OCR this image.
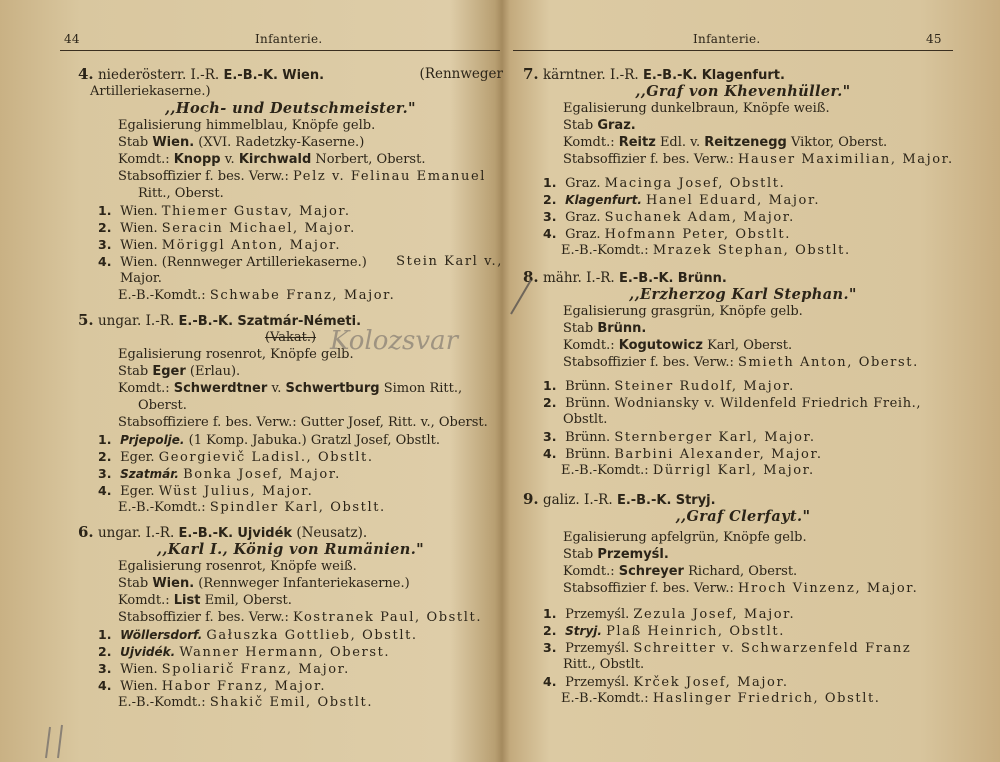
44	Infanterie.
4. niederösterr. I.-R. E.-B.-K. Wien.	(Rennweger
Artilleriekaserne.)
,,Hoch- und Deutschmeister."
Egalisierung himmelblau, Knöpfe gelb.
Stab Wien. (XVI. Radetzky-Kaserne.)
Komdt.: Knopp v. Kirchwald Norbert, Oberst.
Stabsoffizier f. bes. Verw.: Pelz v. Felinau Emanuel
Ritt., Oberst.
1. Wien. Thiemer Gustav, Major.
2. Wien. Seracin Michael, Major.
3. Wien. Möriggl Anton, Major.
4. Wien. (Rennweger Artilleriekaserne.) Stein Karl v.,
Major.
E.-B.-Komdt.: Schwabe Franz, Major.
5. ungar. I.-R. E.-B.-K. Szatmár-Németi.
(Vakat.)
Egalisierung rosenrot, Knöpfe gelb.
Stab Eger (Erlau).
Komdt.: Schwerdtner v. Schwertburg Simon Ritt.,
Oberst.
Stabsoffiziere f. bes. Verw.: Gutter Josef, Ritt. v., Oberst.
1. Prjepolje. (1 Komp. Jabuka.) Gratzl Josef, Obstlt.
2. Eger. Georgievič Ladisl., Obstlt.
3. Szatmár. Bonka Josef, Major.
4. Eger. Wüst Julius, Major.
E.-B.-Komdt.: Spindler Karl, Obstlt.
6. ungar. I.-R. E.-B.-K. Ujvidék (Neusatz).
,,Karl I., König von Rumänien."
Egalisierung rosenrot, Knöpfe weiß.
Stab Wien. (Rennweger Infanteriekaserne.)
Komdt.: List Emil, Oberst.
Stabsoffizier f. bes. Verw.: Kostranek Paul, Obstlt.
1. Wöllersdorf. Gałuszka Gottlieb, Obstlt.
2. Ujvidék. Wanner Hermann, Oberst.
3. Wien. Spoliarič Franz, Major.
4. Wien. Habor Franz, Major.
E.-B.-Komdt.: Shakič Emil, Obstlt.
Kolozsvar
Infanterie.	45
7. kärntner. I.-R. E.-B.-K. Klagenfurt.
,,Graf von Khevenhüller."
Egalisierung dunkelbraun, Knöpfe weiß.
Stab Graz.
Komdt.: Reitz Edl. v. Reitzenegg Viktor, Oberst.
Stabsoffizier f. bes. Verw.: Hauser Maximilian, Major.
1. Graz. Macinga Josef, Obstlt.
2. Klagenfurt. Hanel Eduard, Major.
3. Graz. Suchanek Adam, Major.
4. Graz. Hofmann Peter, Obstlt.
E.-B.-Komdt.: Mrazek Stephan, Obstlt.
8. mähr. I.-R. E.-B.-K. Brünn.
,,Erzherzog Karl Stephan."
Egalisierung grasgrün, Knöpfe gelb.
Stab Brünn.
Komdt.: Kogutowicz Karl, Oberst.
Stabsoffizier f. bes. Verw.: Smieth Anton, Oberst.
1. Brünn. Steiner Rudolf, Major.
2. Brünn. Wodniansky v. Wildenfeld Friedrich Freih.,
Obstlt.
3. Brünn. Sternberger Karl, Major.
4. Brünn. Barbini Alexander, Major.
E.-B.-Komdt.: Dürrigl Karl, Major.
9. galiz. I.-R. E.-B.-K. Stryj.
,,Graf Clerfayt."
Egalisierung apfelgrün, Knöpfe gelb.
Stab Przemyśl.
Komdt.: Schreyer Richard, Oberst.
Stabsoffizier f. bes. Verw.: Hroch Vinzenz, Major.
1. Przemyśl. Zezula Josef, Major.
2. Stryj. Plaß Heinrich, Obstlt.
3. Przemyśl. Schreitter v. Schwarzenfeld Franz
Ritt., Obstlt.
4. Przemyśl. Krček Josef, Major.
E.-B.-Komdt.: Haslinger Friedrich, Obstlt.
